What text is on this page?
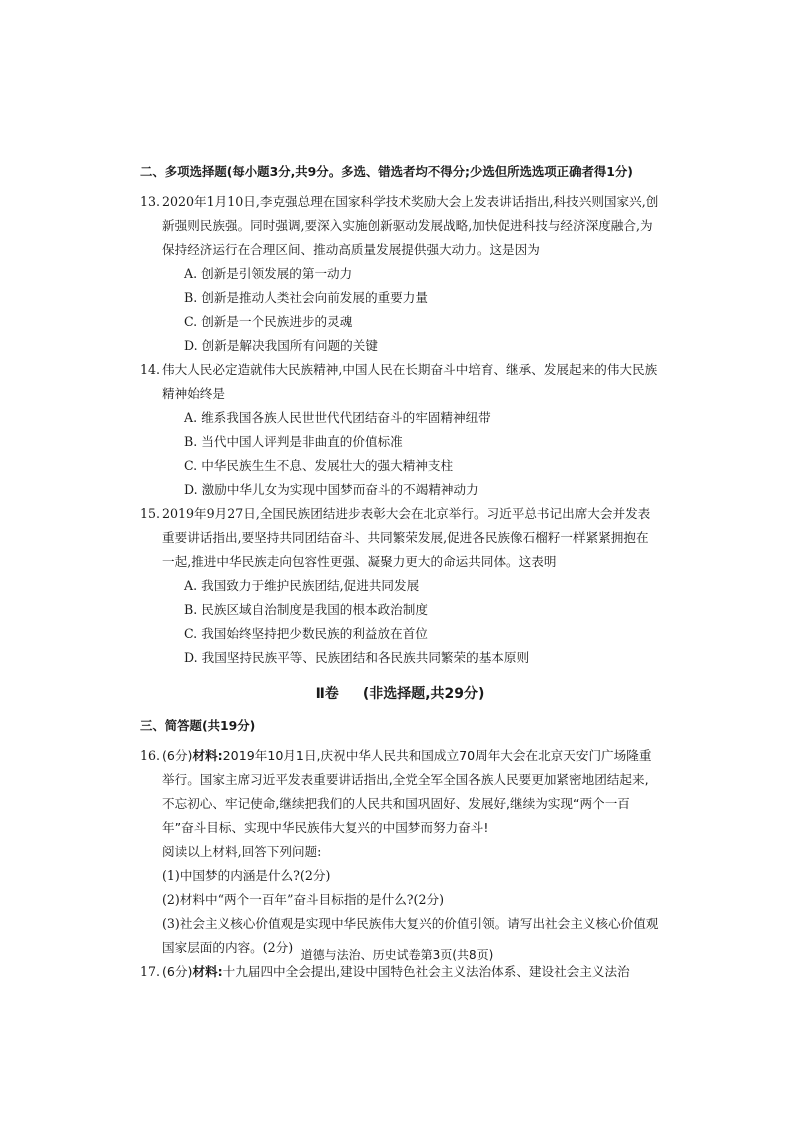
二、多项选择题(每小题3分,共9分。多选、错选者均不得分;少选但所选选项正确者得1分)
13. 2020年1月10日,李克强总理在国家科学技术奖励大会上发表讲话指出,科技兴则国家兴,创新强则民族强。同时强调,要深入实施创新驱动发展战略,加快促进科技与经济深度融合,为保持经济运行在合理区间、推动高质量发展提供强大动力。这是因为
A. 创新是引领发展的第一动力
B. 创新是推动人类社会向前发展的重要力量
C. 创新是一个民族进步的灵魂
D. 创新是解决我国所有问题的关键
14. 伟大人民必定造就伟大民族精神,中国人民在长期奋斗中培育、继承、发展起来的伟大民族精神始终是
A. 维系我国各族人民世世代代团结奋斗的牢固精神纽带
B. 当代中国人评判是非曲直的价值标准
C. 中华民族生生不息、发展壮大的强大精神支柱
D. 激励中华儿女为实现中国梦而奋斗的不竭精神动力
15. 2019年9月27日,全国民族团结进步表彰大会在北京举行。习近平总书记出席大会并发表重要讲话指出,要坚持共同团结奋斗、共同繁荣发展,促进各民族像石榴籽一样紧紧拥抱在一起,推进中华民族走向包容性更强、凝聚力更大的命运共同体。这表明
A. 我国致力于维护民族团结,促进共同发展
B. 民族区域自治制度是我国的根本政治制度
C. 我国始终坚持把少数民族的利益放在首位
D. 我国坚持民族平等、民族团结和各民族共同繁荣的基本原则
Ⅱ卷 (非选择题,共29分)
三、简答题(共19分)
16. (6分)材料:2019年10月1日,庆祝中华人民共和国成立70周年大会在北京天安门广场隆重举行。国家主席习近平发表重要讲话指出,全党全军全国各族人民要更加紧密地团结起来,不忘初心、牢记使命,继续把我们的人民共和国巩固好、发展好,继续为实现“两个一百年”奋斗目标、实现中华民族伟大复兴的中国梦而努力奋斗!
阅读以上材料,回答下列问题:
(1)中国梦的内涵是什么?(2分)
(2)材料中“两个一百年”奋斗目标指的是什么?(2分)
(3)社会主义核心价值观是实现中华民族伟大复兴的价值引领。请写出社会主义核心价值观国家层面的内容。(2分)
17. (6分)材料:十九届四中全会提出,建设中国特色社会主义法治体系、建设社会主义法治
道德与法治、历史试卷第3页(共8页)
